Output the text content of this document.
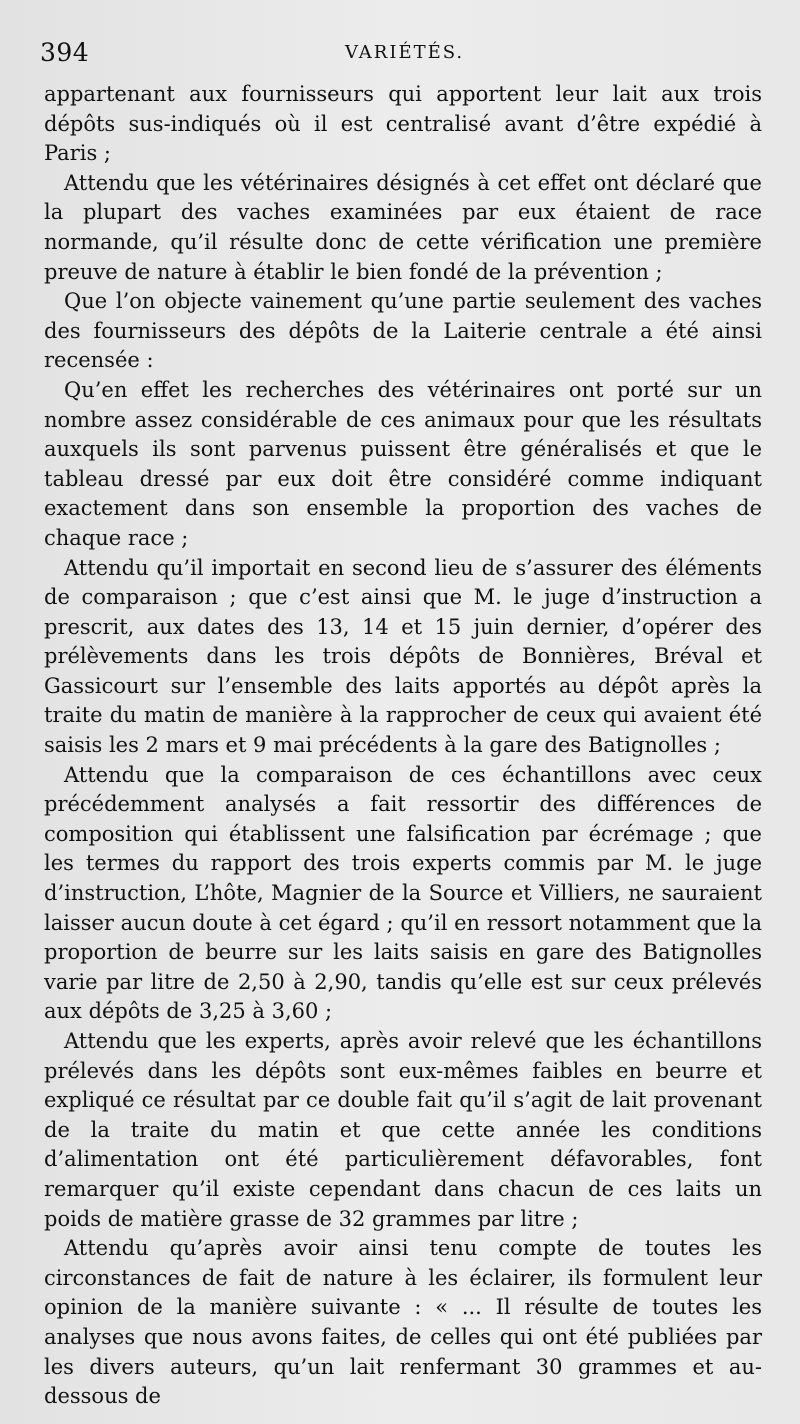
394	VARIÉTÉS.

appartenant aux fournisseurs qui apportent leur lait aux trois dépôts sus-indiqués où il est centralisé avant d’être expédié à Paris ;

Attendu que les vétérinaires désignés à cet effet ont déclaré que la plupart des vaches examinées par eux étaient de race normande, qu’il résulte donc de cette vérification une première preuve de nature à établir le bien fondé de la prévention ;

Que l’on objecte vainement qu’une partie seulement des vaches des fournisseurs des dépôts de la Laiterie centrale a été ainsi recensée :

Qu’en effet les recherches des vétérinaires ont porté sur un nombre assez considérable de ces animaux pour que les résultats auxquels ils sont parvenus puissent être généralisés et que le tableau dressé par eux doit être considéré comme indiquant exactement dans son ensemble la proportion des vaches de chaque race ;

Attendu qu’il importait en second lieu de s’assurer des éléments de comparaison ; que c’est ainsi que M. le juge d’instruction a prescrit, aux dates des 13, 14 et 15 juin dernier, d’opérer des prélèvements dans les trois dépôts de Bonnières, Bréval et Gassicourt sur l’ensemble des laits apportés au dépôt après la traite du matin de manière à la rapprocher de ceux qui avaient été saisis les 2 mars et 9 mai précédents à la gare des Batignolles ;

Attendu que la comparaison de ces échantillons avec ceux précédemment analysés a fait ressortir des différences de composition qui établissent une falsification par écrémage ; que les termes du rapport des trois experts commis par M. le juge d’instruction, L’hôte, Magnier de la Source et Villiers, ne sauraient laisser aucun doute à cet égard ; qu’il en ressort notamment que la proportion de beurre sur les laits saisis en gare des Batignolles varie par litre de 2,50 à 2,90, tandis qu’elle est sur ceux prélevés aux dépôts de 3,25 à 3,60 ;

Attendu que les experts, après avoir relevé que les échantillons prélevés dans les dépôts sont eux-mêmes faibles en beurre et expliqué ce résultat par ce double fait qu’il s’agit de lait provenant de la traite du matin et que cette année les conditions d’alimentation ont été particulièrement défavorables, font remarquer qu’il existe cependant dans chacun de ces laits un poids de matière grasse de 32 grammes par litre ;

Attendu qu’après avoir ainsi tenu compte de toutes les circonstances de fait de nature à les éclairer, ils formulent leur opinion de la manière suivante : « ... Il résulte de toutes les analyses que nous avons faites, de celles qui ont été publiées par les divers auteurs, qu’un lait renfermant 30 grammes et au-dessous de
